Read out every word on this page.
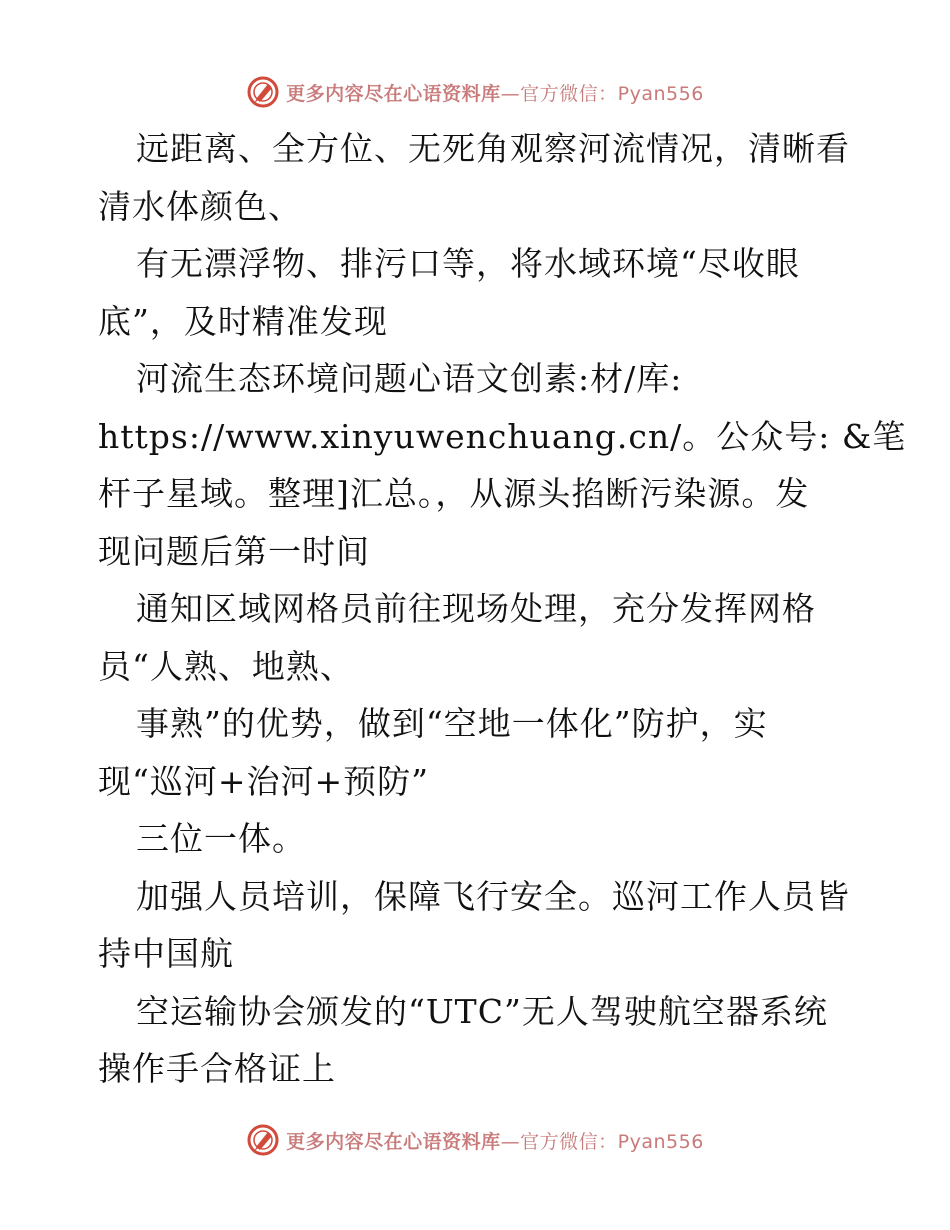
更多内容尽在心语资料库—官方微信：Pyan556
远距离、全方位、无死角观察河流情况，清晰看
清水体颜色、
有无漂浮物、排污口等，将水域环境“尽收眼
底”，及时精准发现
河流生态环境问题心语文创素:材/库:
https://www.xinyuwenchuang.cn/。公众号: &笔
杆子星域。整理]汇总。，从源头掐断污染源。发
现问题后第一时间
通知区域网格员前往现场处理，充分发挥网格
员“人熟、地熟、
事熟”的优势，做到“空地一体化”防护，实
现“巡河+治河+预防”
三位一体。
加强人员培训，保障飞行安全。巡河工作人员皆
持中国航
空运输协会颁发的“UTC”无人驾驶航空器系统
操作手合格证上
更多内容尽在心语资料库—官方微信：Pyan556
